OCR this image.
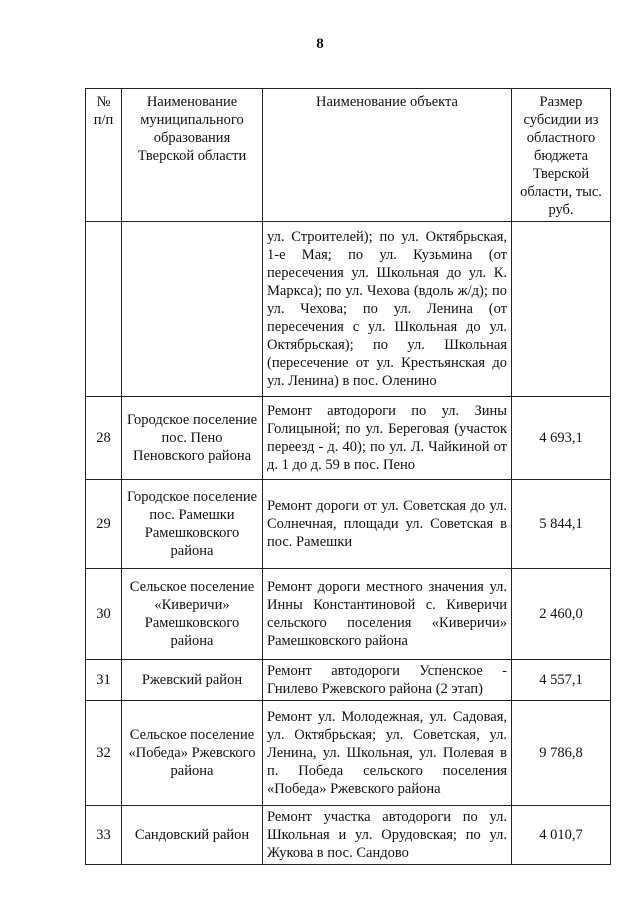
8
№ п/п	Наименование муниципального образования Тверской области	Наименование объекта	Размер субсидии из областного бюджета Тверской области, тыс. руб.
		ул. Строителей); по ул. Октябрьская, 1-е Мая; по ул. Кузьмина (от пересечения ул. Школьная до ул. К. Маркса); по ул. Чехова (вдоль ж/д); по ул. Чехова; по ул. Ленина (от пересечения с ул. Школьная до ул. Октябрьская); по ул. Школьная (пересечение от ул. Крестьянская до ул. Ленина) в пос. Оленино	
28	Городское поселение пос. Пено Пеновского района	Ремонт автодороги по ул. Зины Голицыной; по ул. Береговая (участок переезд - д. 40); по ул. Л. Чайкиной от д. 1 до д. 59 в пос. Пено	4 693,1
29	Городское поселение пос. Рамешки Рамешковского района	Ремонт дороги от ул. Советская до ул. Солнечная, площади ул. Советская в пос. Рамешки	5 844,1
30	Сельское поселение «Киверичи» Рамешковского района	Ремонт дороги местного значения ул. Инны Константиновой с. Киверичи сельского поселения «Киверичи» Рамешковского района	2 460,0
31	Ржевский район	Ремонт автодороги Успенское - Гнилево Ржевского района (2 этап)	4 557,1
32	Сельское поселение «Победа» Ржевского района	Ремонт ул. Молодежная, ул. Садовая, ул. Октябрьская; ул. Советская, ул. Ленина, ул. Школьная, ул. Полевая в п. Победа сельского поселения «Победа» Ржевского района	9 786,8
33	Сандовский район	Ремонт участка автодороги по ул. Школьная и ул. Орудовская; по ул. Жукова в пос. Сандово	4 010,7
